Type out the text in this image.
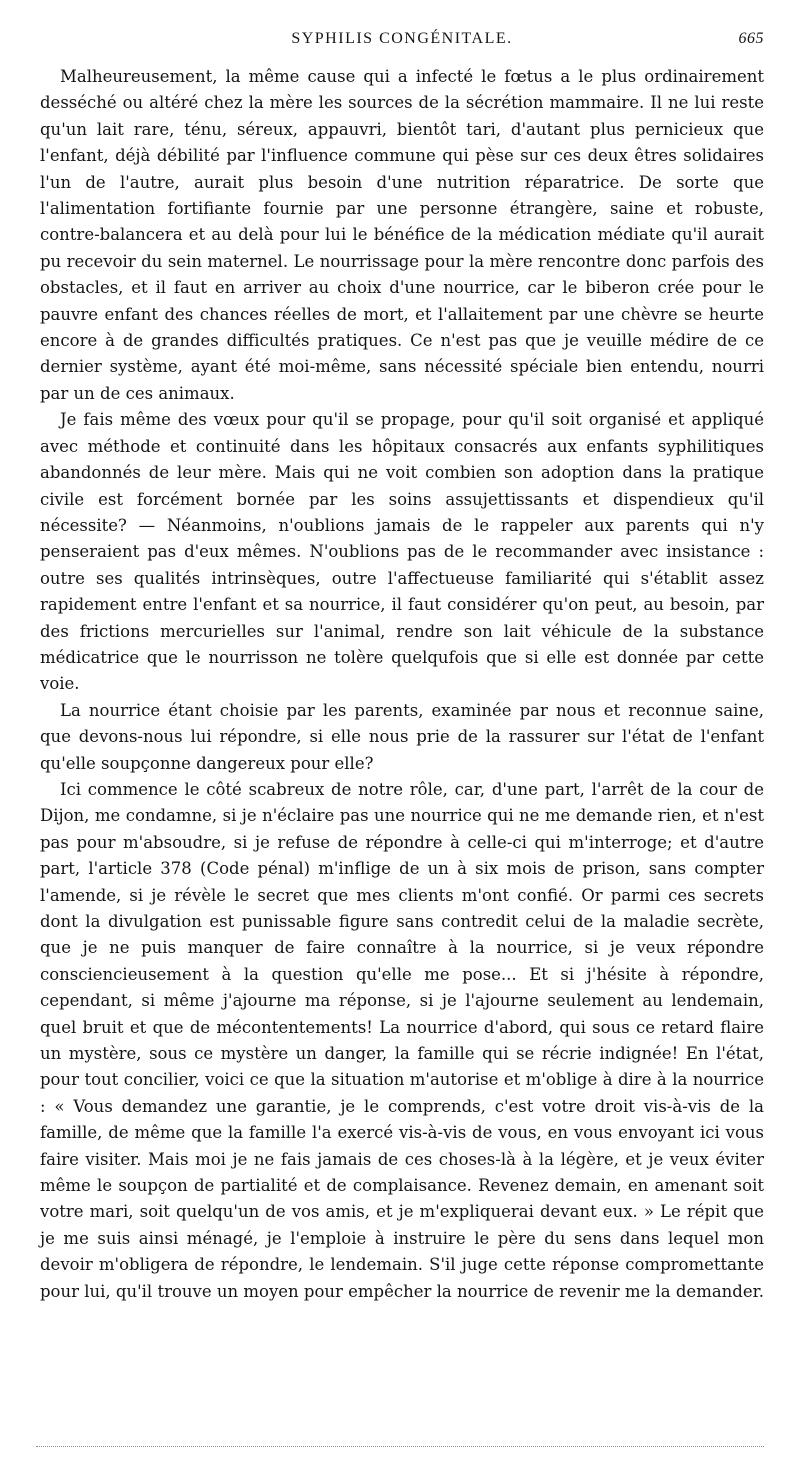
SYPHILIS CONGÉNITALE.	665

Malheureusement, la même cause qui a infecté le fœtus a le plus ordinairement desséché ou altéré chez la mère les sources de la sécrétion mammaire. Il ne lui reste qu'un lait rare, ténu, séreux, appauvri, bientôt tari, d'autant plus pernicieux que l'enfant, déjà débilité par l'influence commune qui pèse sur ces deux êtres solidaires l'un de l'autre, aurait plus besoin d'une nutrition réparatrice. De sorte que l'alimentation fortifiante fournie par une personne étrangère, saine et robuste, contre-balancera et au delà pour lui le bénéfice de la médication médiate qu'il aurait pu recevoir du sein maternel. Le nourrissage pour la mère rencontre donc parfois des obstacles, et il faut en arriver au choix d'une nourrice, car le biberon crée pour le pauvre enfant des chances réelles de mort, et l'allaitement par une chèvre se heurte encore à de grandes difficultés pratiques. Ce n'est pas que je veuille médire de ce dernier système, ayant été moi-même, sans nécessité spéciale bien entendu, nourri par un de ces animaux.

Je fais même des vœux pour qu'il se propage, pour qu'il soit organisé et appliqué avec méthode et continuité dans les hôpitaux consacrés aux enfants syphilitiques abandonnés de leur mère. Mais qui ne voit combien son adoption dans la pratique civile est forcément bornée par les soins assujettissants et dispendieux qu'il nécessite? — Néanmoins, n'oublions jamais de le rappeler aux parents qui n'y penseraient pas d'eux mêmes. N'oublions pas de le recommander avec insistance : outre ses qualités intrinsèques, outre l'affectueuse familiarité qui s'établit assez rapidement entre l'enfant et sa nourrice, il faut considérer qu'on peut, au besoin, par des frictions mercurielles sur l'animal, rendre son lait véhicule de la substance médicatrice que le nourrisson ne tolère quelqufois que si elle est donnée par cette voie.

La nourrice étant choisie par les parents, examinée par nous et reconnue saine, que devons-nous lui répondre, si elle nous prie de la rassurer sur l'état de l'enfant qu'elle soupçonne dangereux pour elle?

Ici commence le côté scabreux de notre rôle, car, d'une part, l'arrêt de la cour de Dijon, me condamne, si je n'éclaire pas une nourrice qui ne me demande rien, et n'est pas pour m'absoudre, si je refuse de répondre à celle-ci qui m'interroge; et d'autre part, l'article 378 (Code pénal) m'inflige de un à six mois de prison, sans compter l'amende, si je révèle le secret que mes clients m'ont confié. Or parmi ces secrets dont la divulgation est punissable figure sans contredit celui de la maladie secrète, que je ne puis manquer de faire connaître à la nourrice, si je veux répondre consciencieusement à la question qu'elle me pose... Et si j'hésite à répondre, cependant, si même j'ajourne ma réponse, si je l'ajourne seulement au lendemain, quel bruit et que de mécontentements! La nourrice d'abord, qui sous ce retard flaire un mystère, sous ce mystère un danger, la famille qui se récrie indignée! En l'état, pour tout concilier, voici ce que la situation m'autorise et m'oblige à dire à la nourrice : « Vous demandez une garantie, je le comprends, c'est votre droit vis-à-vis de la famille, de même que la famille l'a exercé vis-à-vis de vous, en vous envoyant ici vous faire visiter. Mais moi je ne fais jamais de ces choses-là à la légère, et je veux éviter même le soupçon de partialité et de complaisance. Revenez demain, en amenant soit votre mari, soit quelqu'un de vos amis, et je m'expliquerai devant eux. » Le répit que je me suis ainsi ménagé, je l'emploie à instruire le père du sens dans lequel mon devoir m'obligera de répondre, le lendemain. S'il juge cette réponse compromettante pour lui, qu'il trouve un moyen pour empêcher la nourrice de revenir me la demander.
